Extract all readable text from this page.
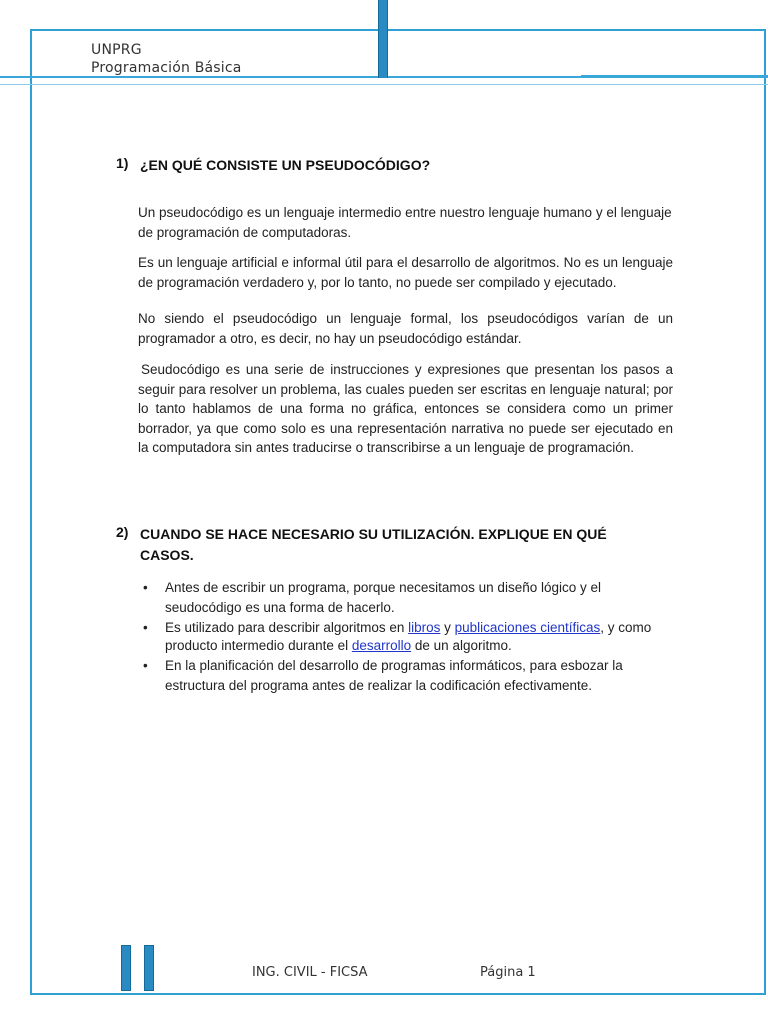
UNPRG
Programación Básica
1) ¿EN QUÉ CONSISTE UN PSEUDOCÓDIGO?

Un pseudocódigo es un lenguaje intermedio entre nuestro lenguaje humano y el lenguaje de programación de computadoras.

Es un lenguaje artificial e informal útil para el desarrollo de algoritmos. No es un lenguaje de programación verdadero y, por lo tanto, no puede ser compilado y ejecutado.

No siendo el pseudocódigo un lenguaje formal, los pseudocódigos varían de un programador a otro, es decir, no hay un pseudocódigo estándar.

Seudocódigo es una serie de instrucciones y expresiones que presentan los pasos a seguir para resolver un problema, las cuales pueden ser escritas en lenguaje natural; por lo tanto hablamos de una forma no gráfica, entonces se considera como un primer borrador, ya que como solo es una representación narrativa no puede ser ejecutado en la computadora sin antes traducirse o transcribirse a un lenguaje de programación.

2) CUANDO SE HACE NECESARIO SU UTILIZACIÓN. EXPLIQUE EN QUÉ
CASOS.
• Antes de escribir un programa, porque necesitamos un diseño lógico y el seudocódigo es una forma de hacerlo.
• Es utilizado para describir algoritmos en libros y publicaciones científicas, y como producto intermedio durante el desarrollo de un algoritmo.
• En la planificación del desarrollo de programas informáticos, para esbozar la estructura del programa antes de realizar la codificación efectivamente.
ING. CIVIL - FICSA	Página 1
